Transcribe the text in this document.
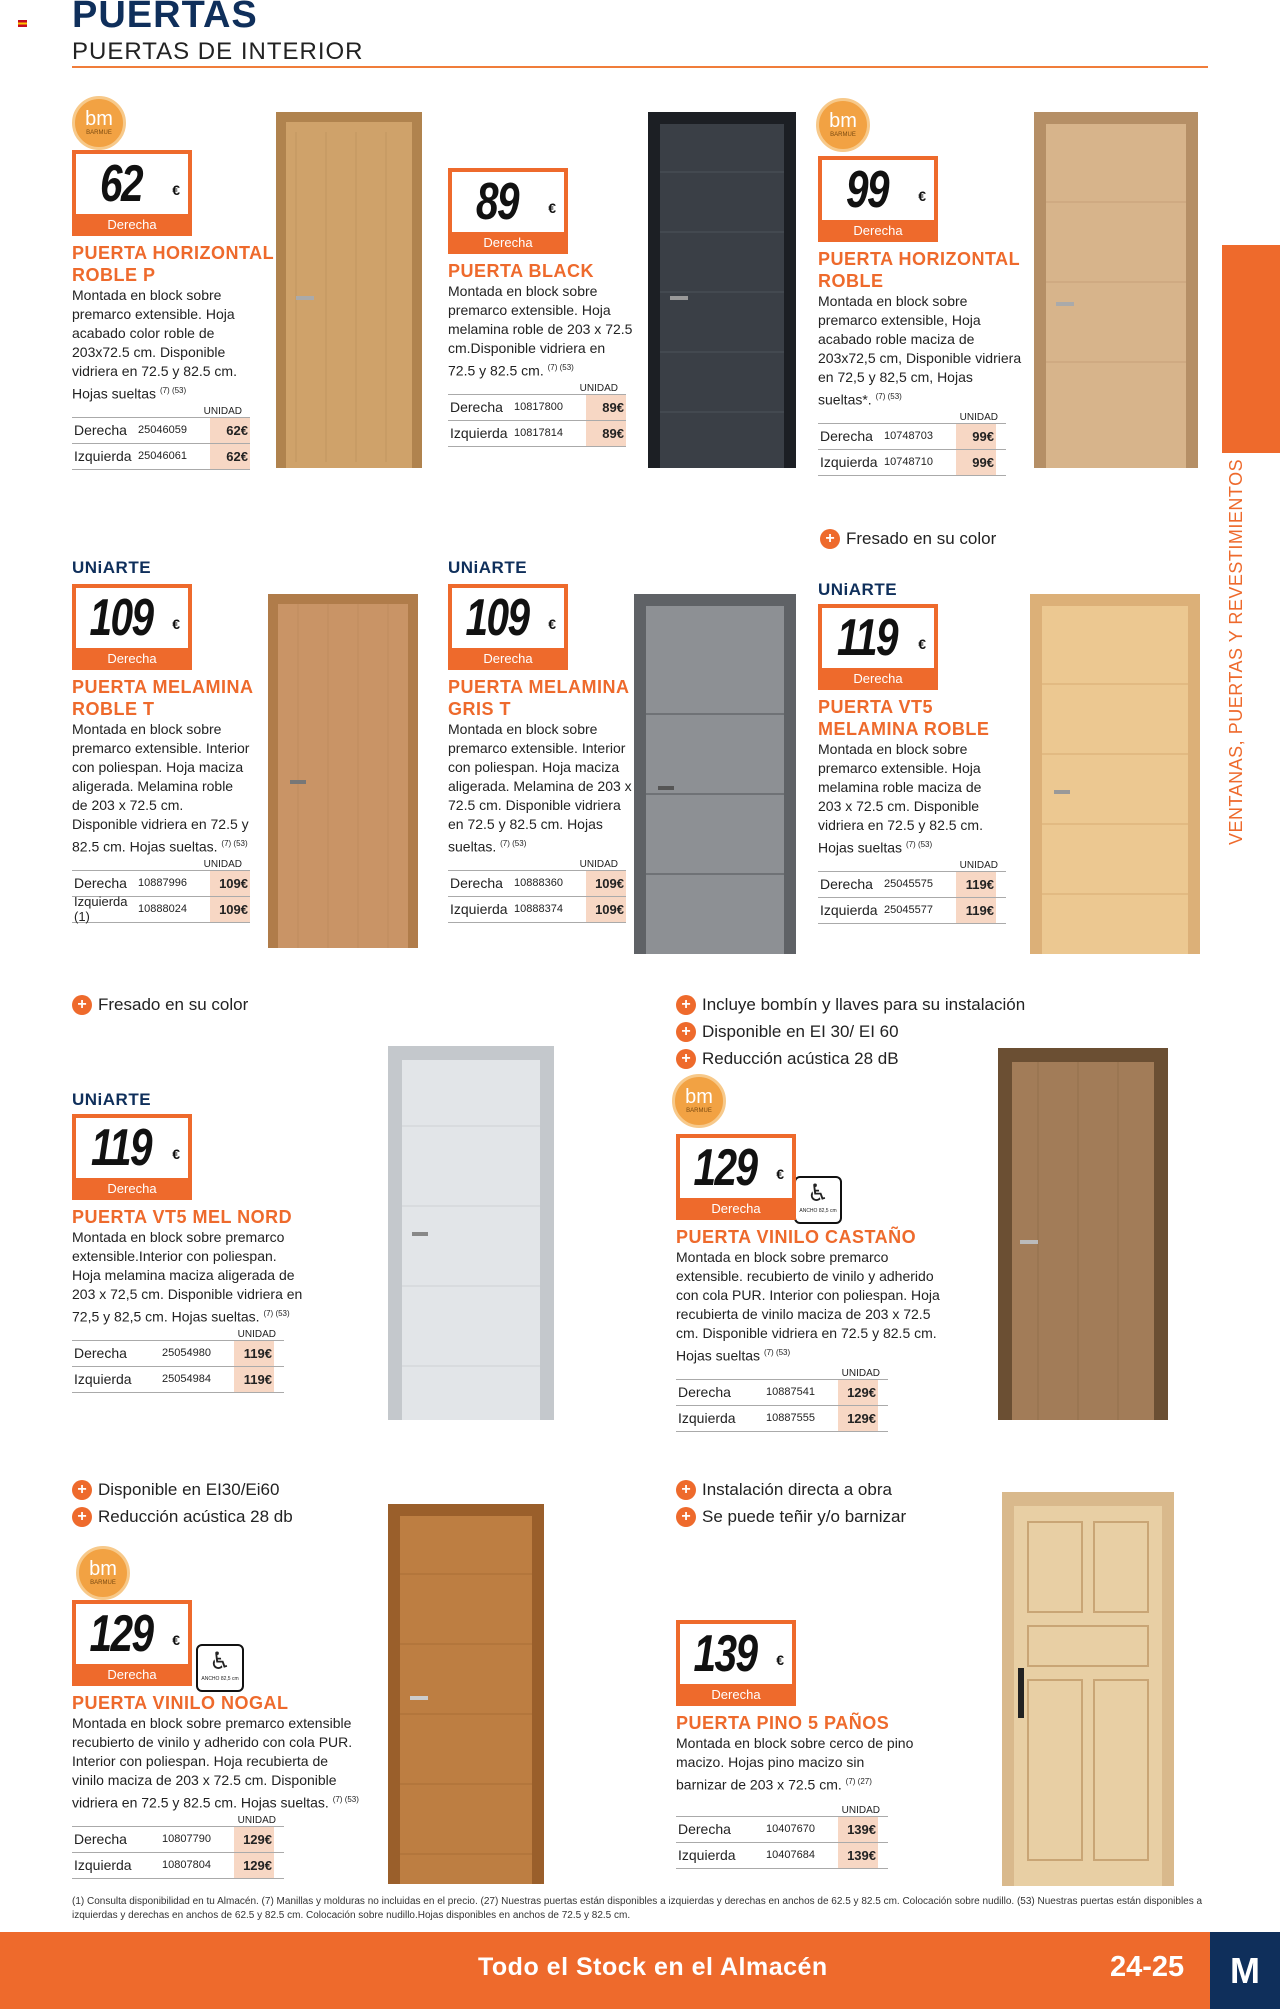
PUERTAS
PUERTAS DE INTERIOR
VENTANAS, PUERTAS Y REVESTIMIENTOS
bm
BARMUE
bm
BARMUE
bm
BARMUE
bm
BARMUE
UNiARTE	UNiARTE
UNiARTE
UNiARTE
+ Fresado en su color
+ Fresado en su color	+ Incluye bombín y llaves para su instalación
+ Disponible en EI 30/ EI 60
+ Reducción acústica 28 dB
+ Disponible en EI30/Ei60
+ Reducción acústica 28 db
+ Instalación directa a obra
+ Se puede teñir y/o barnizar
♿
ANCHO 82,5 cm
♿
ANCHO 82,5 cm
62	€
Derecha
PUERTA HORIZONTAL
ROBLE P
Montada en block sobre premarco extensible. Hoja acabado color roble de 203x72.5 cm. Disponible vidriera en 72.5 y 82.5 cm. Hojas sueltas $^{(7) (53)}$
UNIDAD
Derecha	25046059	62€
Izquierda 25046061	62€
89	€
Derecha
PUERTA BLACK
Montada en block sobre premarco extensible. Hoja melamina roble de 203 x 72.5 cm.Disponible vidriera en 72.5 y 82.5 cm. $^{(7) (53)}$
UNIDAD
Derecha	10817800	89€
Izquierda 10817814	89€
99	€
Derecha
PUERTA HORIZONTAL
ROBLE
Montada en block sobre premarco extensible, Hoja acabado roble maciza de 203x72,5 cm, Disponible vidriera en 72,5 y 82,5 cm, Hojas sueltas*. $^{(7) (53)}$
UNIDAD
Derecha	10748703	99€
Izquierda 10748710	99€
109 €
Derecha
PUERTA MELAMINA
ROBLE T
Montada en block sobre premarco extensible. Interior con poliespan. Hoja maciza aligerada. Melamina roble de 203 x 72.5 cm. Disponible vidriera en 72.5 y 82.5 cm. Hojas sueltas. $^{(7) (53)}$
UNIDAD
Derecha	10887996	109€
Izquierda (1)	10888024	109€
109 €
Derecha
PUERTA MELAMINA
GRIS T
Montada en block sobre premarco extensible. Interior con poliespan. Hoja maciza aligerada. Melamina de 203 x 72.5 cm. Disponible vidriera en 72.5 y 82.5 cm. Hojas sueltas. $^{(7) (53)}$
UNIDAD
Derecha	10888360	109€
Izquierda 10888374	109€
119	€
Derecha
PUERTA VT5
MELAMINA ROBLE
Montada en block sobre premarco extensible. Hoja melamina roble maciza de 203 x 72.5 cm. Disponible vidriera en 72.5 y 82.5 cm. Hojas sueltas $^{(7) (53)}$
UNIDAD
Derecha	25045575	119€
Izquierda 25045577	119€
119	€
Derecha
PUERTA VT5 MEL NORD
Montada en block sobre premarco extensible.Interior con poliespan. Hoja melamina maciza aligerada de 203 x 72,5 cm. Disponible vidriera en 72,5 y 82,5 cm. Hojas sueltas. $^{(7) (53)}$
UNIDAD
Derecha	25054980	119€
Izquierda	25054984	119€
129 €
Derecha
PUERTA VINILO CASTAÑO
Montada en block sobre premarco extensible. recubierto de vinilo y adherido con cola PUR. Interior con poliespan. Hoja recubierta de vinilo maciza de 203 x 72.5 cm. Disponible vidriera en 72.5 y 82.5 cm. Hojas sueltas $^{(7) (53)}$
UNIDAD
Derecha	10887541	129€
Izquierda	10887555	129€
129 €
Derecha
PUERTA VINILO NOGAL
Montada en block sobre premarco extensible recubierto de vinilo y adherido con cola PUR. Interior con poliespan. Hoja recubierta de vinilo maciza de 203 x 72.5 cm. Disponible vidriera en 72.5 y 82.5 cm. Hojas sueltas. $^{(7) (53)}$
UNIDAD
Derecha	10807790	129€
Izquierda	10807804	129€
139 €
Derecha
PUERTA PINO 5 PAÑOS
Montada en block sobre cerco de pino macizo. Hojas pino macizo sin barnizar de 203 x 72.5 cm. $^{(7) (27)}$
UNIDAD
Derecha	10407670	139€
Izquierda	10407684	139€
(1) Consulta disponibilidad en tu Almacén. (7) Manillas y molduras no incluidas en el precio. (27) Nuestras puertas están disponibles a izquierdas y derechas en anchos de 62.5 y 82.5 cm. Colocación sobre nudillo. (53) Nuestras puertas están disponibles a izquierdas y derechas en anchos de 62.5 y 82.5 cm. Colocación sobre nudillo.Hojas disponibles en anchos de 72.5 y 82.5 cm.
Todo el Stock en el Almacén	24-25	M
